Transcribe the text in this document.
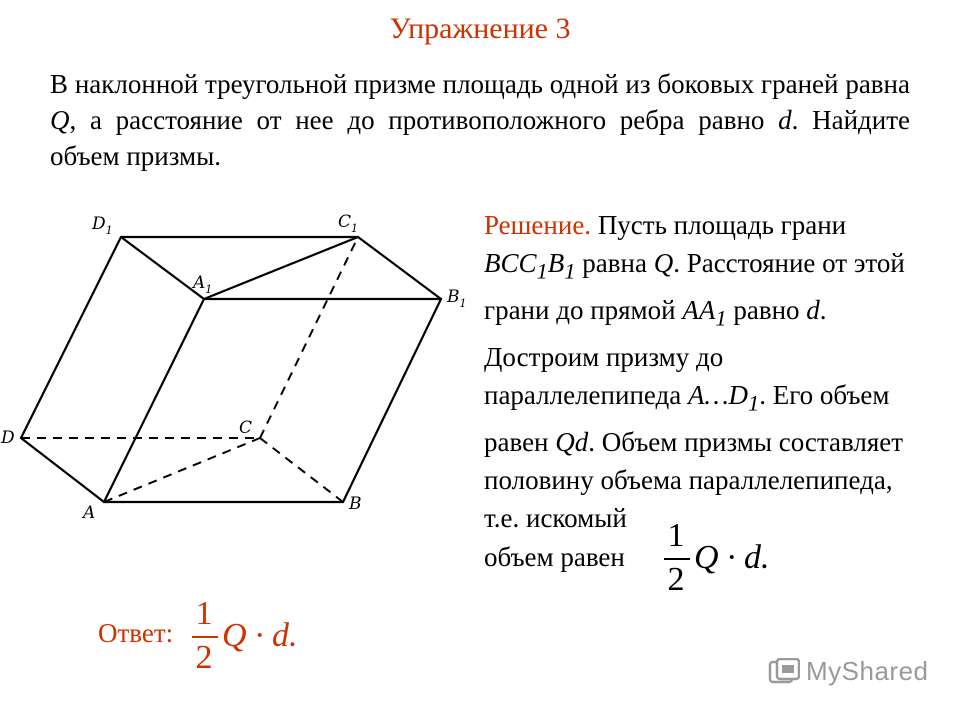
Упражнение 3
В наклонной треугольной призме площадь одной из боковых граней равна Q, а расстояние от нее до противоположного ребра равно d. Найдите объем призмы.
$D_1$	$C_1$
$A_1$	$B_1$
D	C
A	B
Решение. Пусть площадь грани $BCC_1B_1$ равна Q. Расстояние от этой грани до прямой $AA_1$ равно d. Достроим призму до параллелепипеда $A\dots D_1$. Его объем равен Qd. Объем призмы составляет половину объема параллелепипеда, т.е. искомый
объем равен
1
2
Q · d.
Ответ:
1
2
Q · d.
MyShared
